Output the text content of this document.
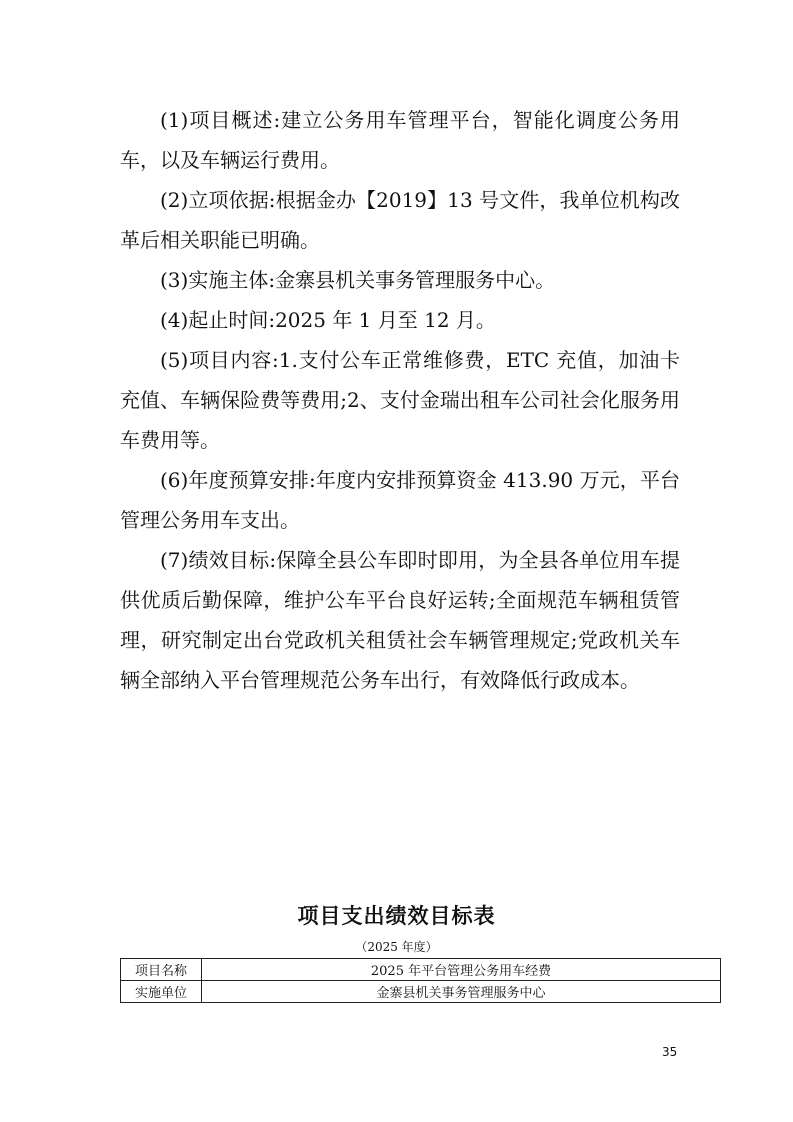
(1)项目概述:建立公务用车管理平台，智能化调度公务用车，以及车辆运行费用。

(2)立项依据:根据金办【2019】13 号文件，我单位机构改革后相关职能已明确。

(3)实施主体:金寨县机关事务管理服务中心。

(4)起止时间:2025 年 1 月至 12 月。

(5)项目内容:1.支付公车正常维修费，ETC 充值，加油卡充值、车辆保险费等费用;2、支付金瑞出租车公司社会化服务用车费用等。

(6)年度预算安排:年度内安排预算资金 413.90 万元，平台管理公务用车支出。

(7)绩效目标:保障全县公车即时即用，为全县各单位用车提供优质后勤保障，维护公车平台良好运转;全面规范车辆租赁管理，研究制定出台党政机关租赁社会车辆管理规定;党政机关车辆全部纳入平台管理规范公务车出行，有效降低行政成本。

项目支出绩效目标表
（2025 年度）
项目名称	2025 年平台管理公务用车经费
实施单位	金寨县机关事务管理服务中心
35
